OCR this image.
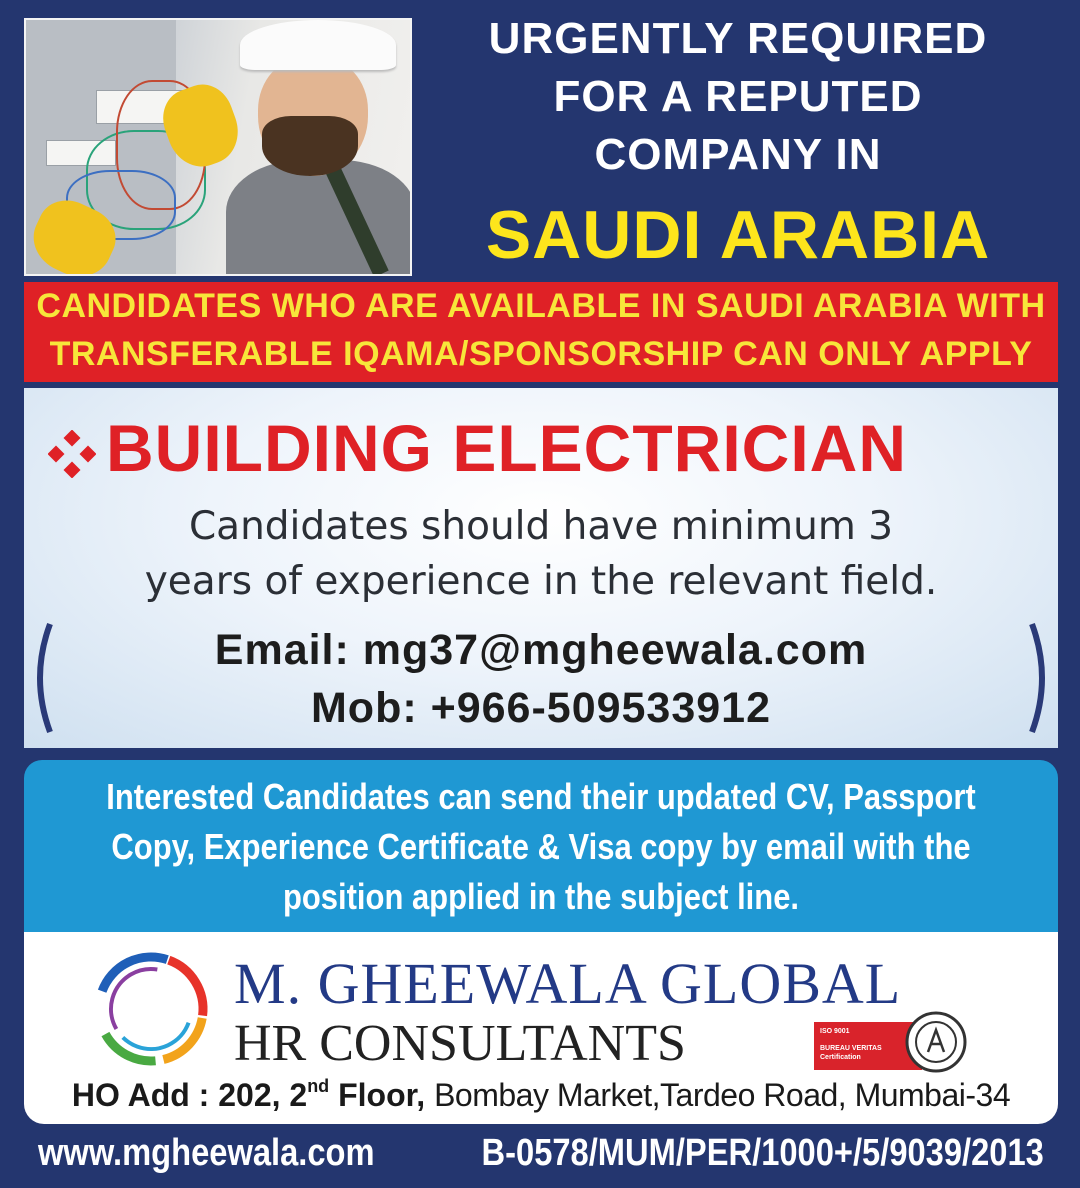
URGENTLY REQUIRED
FOR A REPUTED
COMPANY IN
SAUDI ARABIA
CANDIDATES WHO ARE AVAILABLE IN SAUDI ARABIA WITH
TRANSFERABLE IQAMA/SPONSORSHIP CAN ONLY APPLY
BUILDING ELECTRICIAN
Candidates should have minimum 3
years of experience in the relevant field.
Email: mg37@mgheewala.com
Mob: +966-509533912
Interested Candidates can send their updated CV, Passport
Copy, Experience Certificate & Visa copy by email with the
position applied in the subject line.
M. GHEEWALA GLOBAL
HR CONSULTANTS	ISO 9001
BUREAU VERITAS
Certification
HO Add : 202, 2nd Floor, Bombay Market,Tardeo Road, Mumbai-34
www.mgheewala.com	B-0578/MUM/PER/1000+/5/9039/2013
